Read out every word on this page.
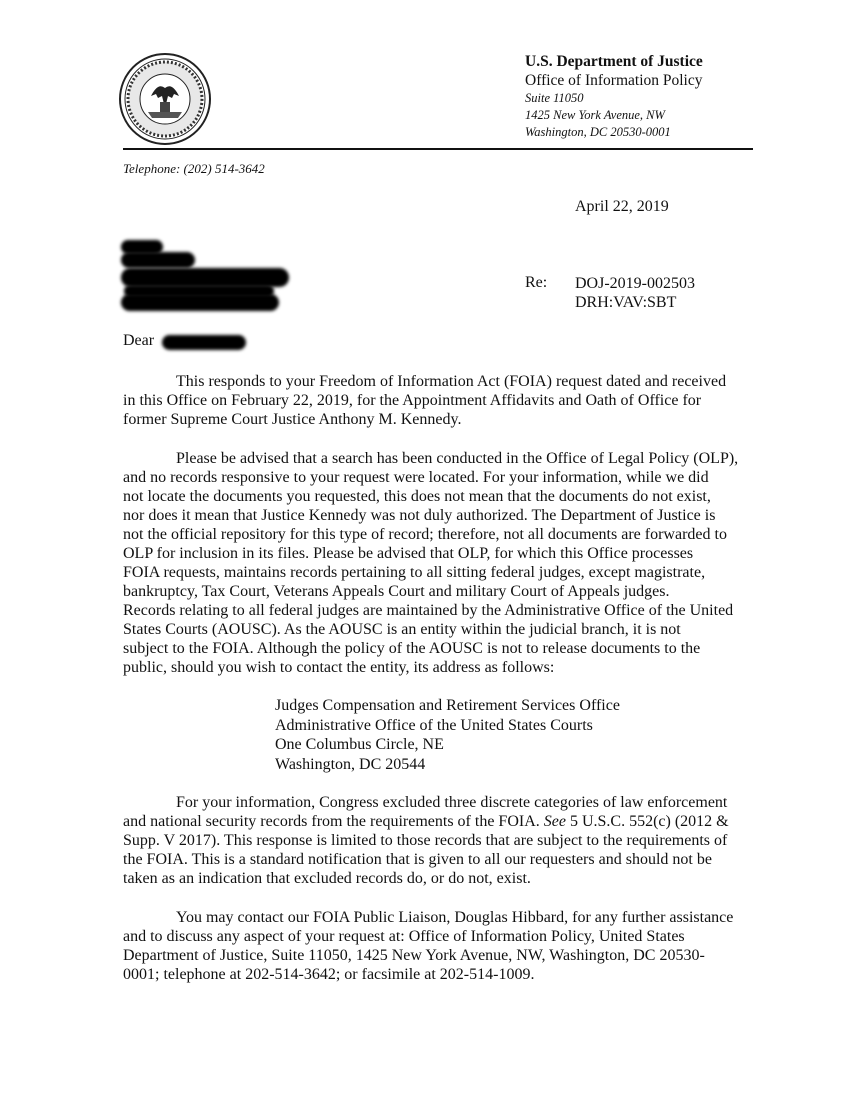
U.S. Department of Justice
Office of Information Policy
Suite 11050
1425 New York Avenue, NW
Washington, DC 20530-0001
Telephone: (202) 514-3642
April 22, 2019
Re: DOJ-2019-002503
DRH:VAV:SBT
Dear

This responds to your Freedom of Information Act (FOIA) request dated and received
in this Office on February 22, 2019, for the Appointment Affidavits and Oath of Office for
former Supreme Court Justice Anthony M. Kennedy.

Please be advised that a search has been conducted in the Office of Legal Policy (OLP),
and no records responsive to your request were located. For your information, while we did
not locate the documents you requested, this does not mean that the documents do not exist,
nor does it mean that Justice Kennedy was not duly authorized. The Department of Justice is
not the official repository for this type of record; therefore, not all documents are forwarded to
OLP for inclusion in its files. Please be advised that OLP, for which this Office processes
FOIA requests, maintains records pertaining to all sitting federal judges, except magistrate,
bankruptcy, Tax Court, Veterans Appeals Court and military Court of Appeals judges.
Records relating to all federal judges are maintained by the Administrative Office of the United
States Courts (AOUSC). As the AOUSC is an entity within the judicial branch, it is not
subject to the FOIA. Although the policy of the AOUSC is not to release documents to the
public, should you wish to contact the entity, its address as follows:

Judges Compensation and Retirement Services Office
Administrative Office of the United States Courts
One Columbus Circle, NE
Washington, DC 20544

For your information, Congress excluded three discrete categories of law enforcement
and national security records from the requirements of the FOIA. See 5 U.S.C. 552(c) (2012 &
Supp. V 2017). This response is limited to those records that are subject to the requirements of
the FOIA. This is a standard notification that is given to all our requesters and should not be
taken as an indication that excluded records do, or do not, exist.

You may contact our FOIA Public Liaison, Douglas Hibbard, for any further assistance
and to discuss any aspect of your request at: Office of Information Policy, United States
Department of Justice, Suite 11050, 1425 New York Avenue, NW, Washington, DC 20530-
0001; telephone at 202-514-3642; or facsimile at 202-514-1009.
